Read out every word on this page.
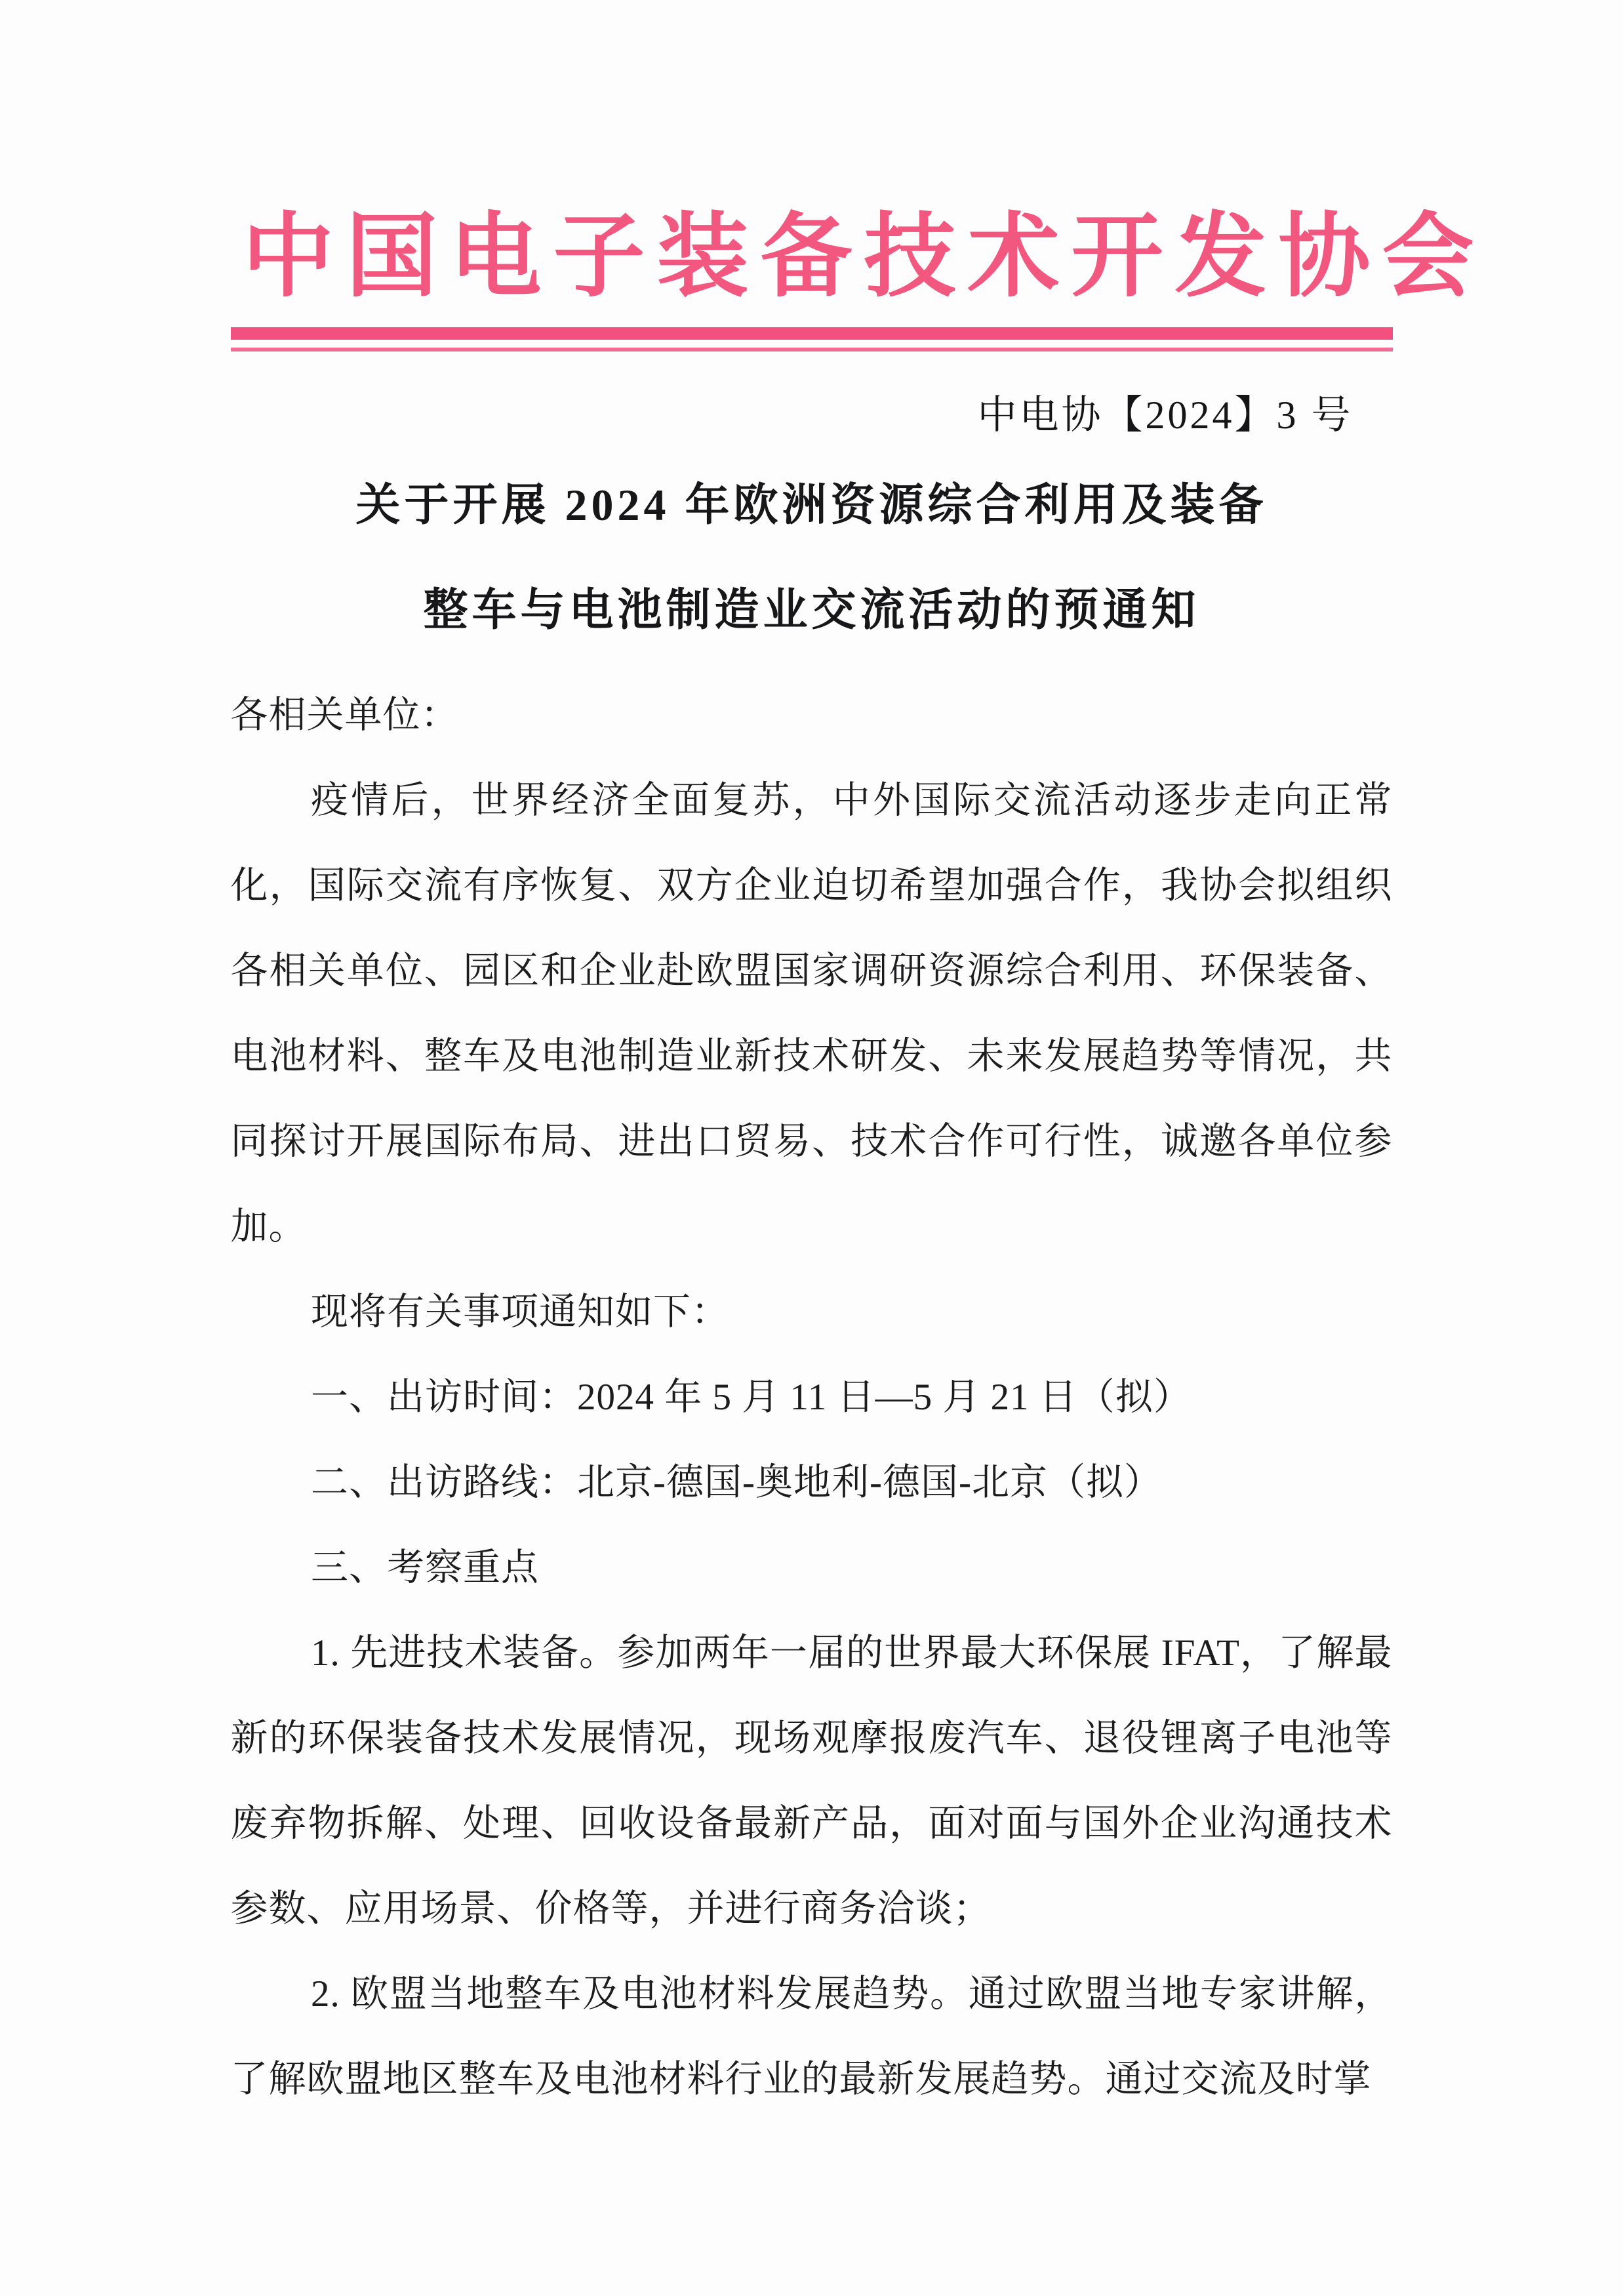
中国电子装备技术开发协会
中电协【2024】3 号
关于开展 2024 年欧洲资源综合利用及装备
整车与电池制造业交流活动的预通知

各相关单位：

疫情后，世界经济全面复苏，中外国际交流活动逐步走向正常化，国际交流有序恢复、双方企业迫切希望加强合作，我协会拟组织各相关单位、园区和企业赴欧盟国家调研资源综合利用、环保装备、电池材料、整车及电池制造业新技术研发、未来发展趋势等情况，共同探讨开展国际布局、进出口贸易、技术合作可行性，诚邀各单位参加。

现将有关事项通知如下：

一、出访时间：2024 年 5 月 11 日—5 月 21 日（拟）

二、出访路线：北京-德国-奥地利-德国-北京（拟）

三、考察重点

1. 先进技术装备。参加两年一届的世界最大环保展 IFAT，了解最新的环保装备技术发展情况，现场观摩报废汽车、退役锂离子电池等废弃物拆解、处理、回收设备最新产品，面对面与国外企业沟通技术参数、应用场景、价格等，并进行商务洽谈；

2. 欧盟当地整车及电池材料发展趋势。通过欧盟当地专家讲解，了解欧盟地区整车及电池材料行业的最新发展趋势。通过交流及时掌
